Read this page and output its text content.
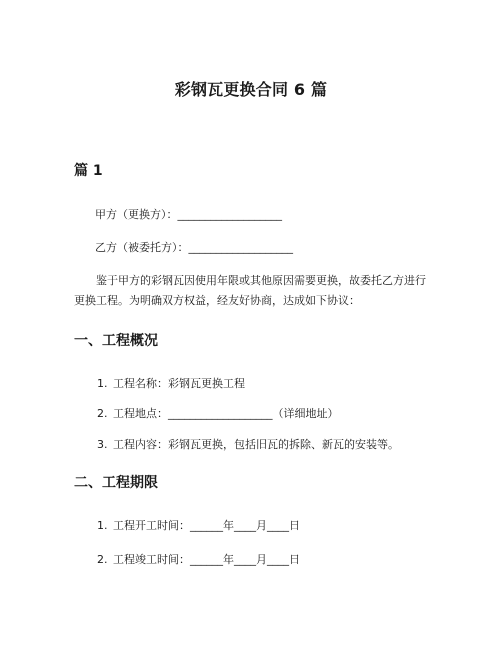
彩钢瓦更换合同 6 篇
篇 1
甲方（更换方）：___________________
乙方（被委托方）：___________________
鉴于甲方的彩钢瓦因使用年限或其他原因需要更换，故委托乙方进行更换工程。为明确双方权益，经友好协商，达成如下协议：
一、工程概况
1. 工程名称：彩钢瓦更换工程
2. 工程地点：___________________（详细地址）
3. 工程内容：彩钢瓦更换，包括旧瓦的拆除、新瓦的安装等。
二、工程期限
1. 工程开工时间：______年____月____日
2. 工程竣工时间：______年____月____日
